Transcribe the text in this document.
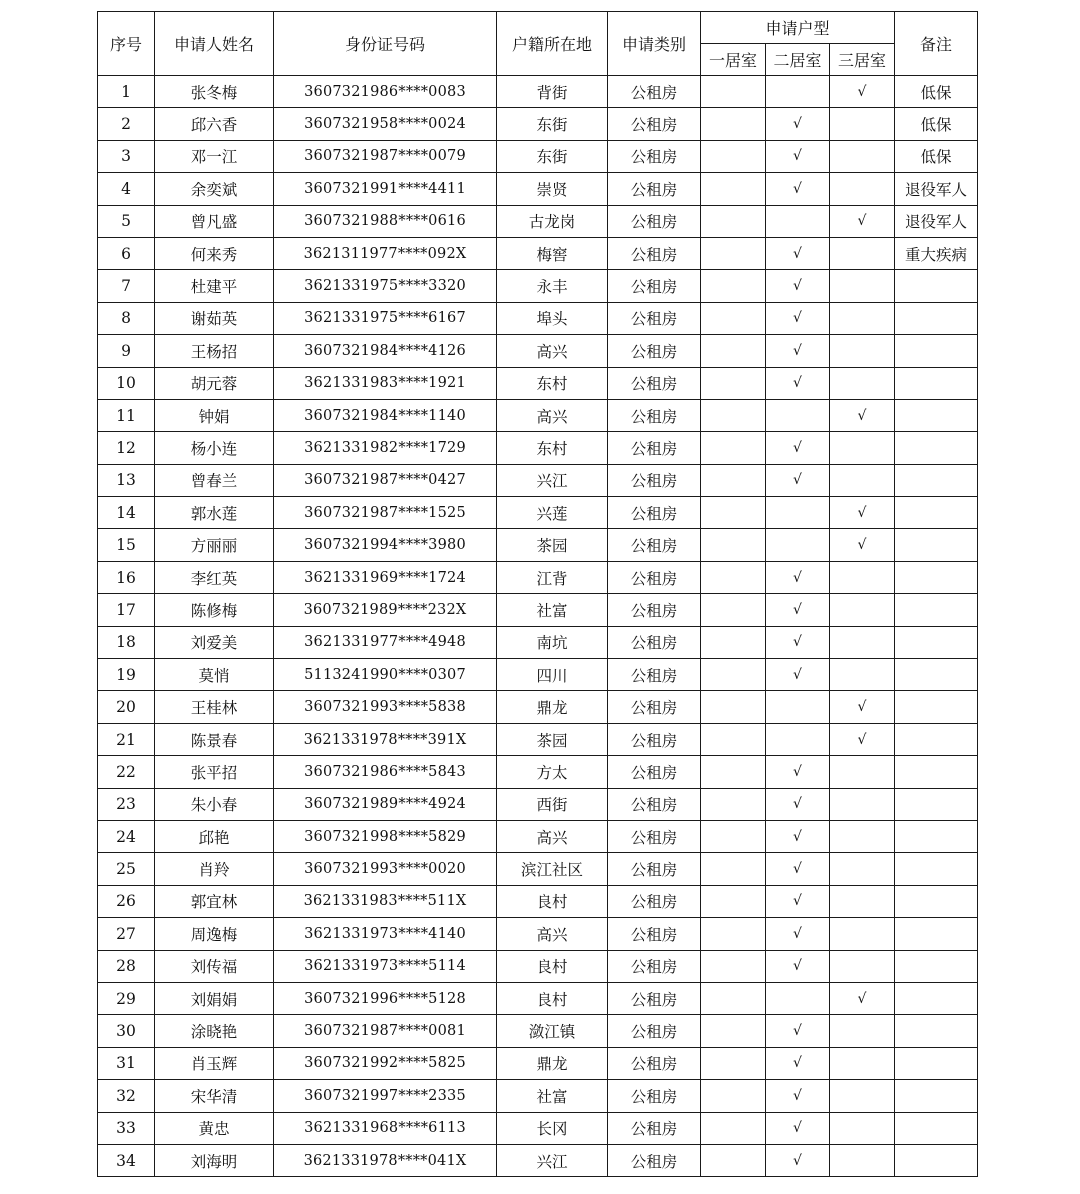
序号	申请人姓名	身份证号码	户籍所在地	申请类别	申请户型			备注
					一居室	二居室	三居室	
1	张冬梅	3607321986****0083	背街	公租房			√	低保
2	邱六香	3607321958****0024	东街	公租房		√		低保
3	邓一江	3607321987****0079	东街	公租房		√		低保
4	余奕斌	3607321991****4411	崇贤	公租房		√		退役军人
5	曾凡盛	3607321988****0616	古龙岗	公租房			√	退役军人
6	何来秀	3621311977****092X	梅窖	公租房		√		重大疾病
7	杜建平	3621331975****3320	永丰	公租房		√		
8	谢茹英	3621331975****6167	埠头	公租房		√		
9	王杨招	3607321984****4126	高兴	公租房		√		
10	胡元蓉	3621331983****1921	东村	公租房		√		
11	钟娟	3607321984****1140	高兴	公租房			√	
12	杨小连	3621331982****1729	东村	公租房		√		
13	曾春兰	3607321987****0427	兴江	公租房		√		
14	郭水莲	3607321987****1525	兴莲	公租房			√	
15	方丽丽	3607321994****3980	茶园	公租房			√	
16	李红英	3621331969****1724	江背	公租房		√		
17	陈修梅	3607321989****232X	社富	公租房		√		
18	刘爱美	3621331977****4948	南坑	公租房		√		
19	莫悄	5113241990****0307	四川	公租房		√		
20	王桂林	3607321993****5838	鼎龙	公租房			√	
21	陈景春	3621331978****391X	茶园	公租房			√	
22	张平招	3607321986****5843	方太	公租房		√		
23	朱小春	3607321989****4924	西街	公租房		√		
24	邱艳	3607321998****5829	高兴	公租房		√		
25	肖羚	3607321993****0020	滨江社区	公租房		√		
26	郭宜林	3621331983****511X	良村	公租房		√		
27	周逸梅	3621331973****4140	高兴	公租房		√		
28	刘传福	3621331973****5114	良村	公租房		√		
29	刘娟娟	3607321996****5128	良村	公租房			√	
30	涂晓艳	3607321987****0081	潋江镇	公租房		√		
31	肖玉辉	3607321992****5825	鼎龙	公租房		√		
32	宋华清	3607321997****2335	社富	公租房		√		
33	黄忠	3621331968****6113	长冈	公租房		√		
34	刘海明	3621331978****041X	兴江	公租房		√		
